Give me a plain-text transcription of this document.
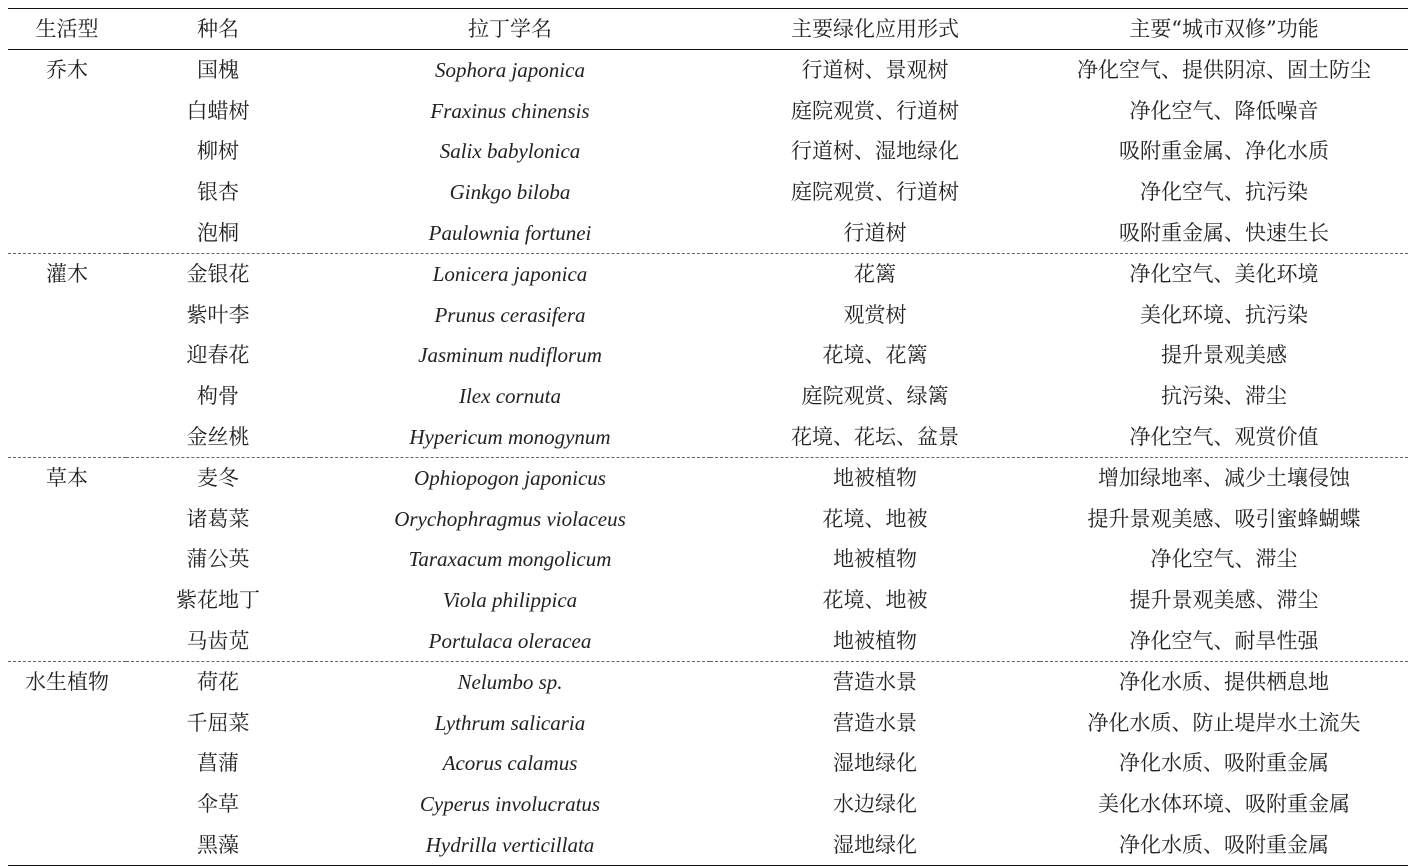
生活型	种名	拉丁学名	主要绿化应用形式	主要“城市双修”功能
乔木	国槐	Sophora japonica	行道树、景观树	净化空气、提供阴凉、固土防尘
	白蜡树	Fraxinus chinensis	庭院观赏、行道树	净化空气、降低噪音
	柳树	Salix babylonica	行道树、湿地绿化	吸附重金属、净化水质
	银杏	Ginkgo biloba	庭院观赏、行道树	净化空气、抗污染
	泡桐	Paulownia fortunei	行道树	吸附重金属、快速生长
灌木	金银花	Lonicera japonica	花篱	净化空气、美化环境
	紫叶李	Prunus cerasifera	观赏树	美化环境、抗污染
	迎春花	Jasminum nudiflorum	花境、花篱	提升景观美感
	枸骨	Ilex cornuta	庭院观赏、绿篱	抗污染、滞尘
	金丝桃	Hypericum monogynum	花境、花坛、盆景	净化空气、观赏价值
草本	麦冬	Ophiopogon japonicus	地被植物	增加绿地率、减少土壤侵蚀
	诸葛菜	Orychophragmus violaceus	花境、地被	提升景观美感、吸引蜜蜂蝴蝶
	蒲公英	Taraxacum mongolicum	地被植物	净化空气、滞尘
	紫花地丁	Viola philippica	花境、地被	提升景观美感、滞尘
	马齿苋	Portulaca oleracea	地被植物	净化空气、耐旱性强
水生植物	荷花	Nelumbo sp.	营造水景	净化水质、提供栖息地
	千屈菜	Lythrum salicaria	营造水景	净化水质、防止堤岸水土流失
	菖蒲	Acorus calamus	湿地绿化	净化水质、吸附重金属
	伞草	Cyperus involucratus	水边绿化	美化水体环境、吸附重金属
	黑藻	Hydrilla verticillata	湿地绿化	净化水质、吸附重金属
